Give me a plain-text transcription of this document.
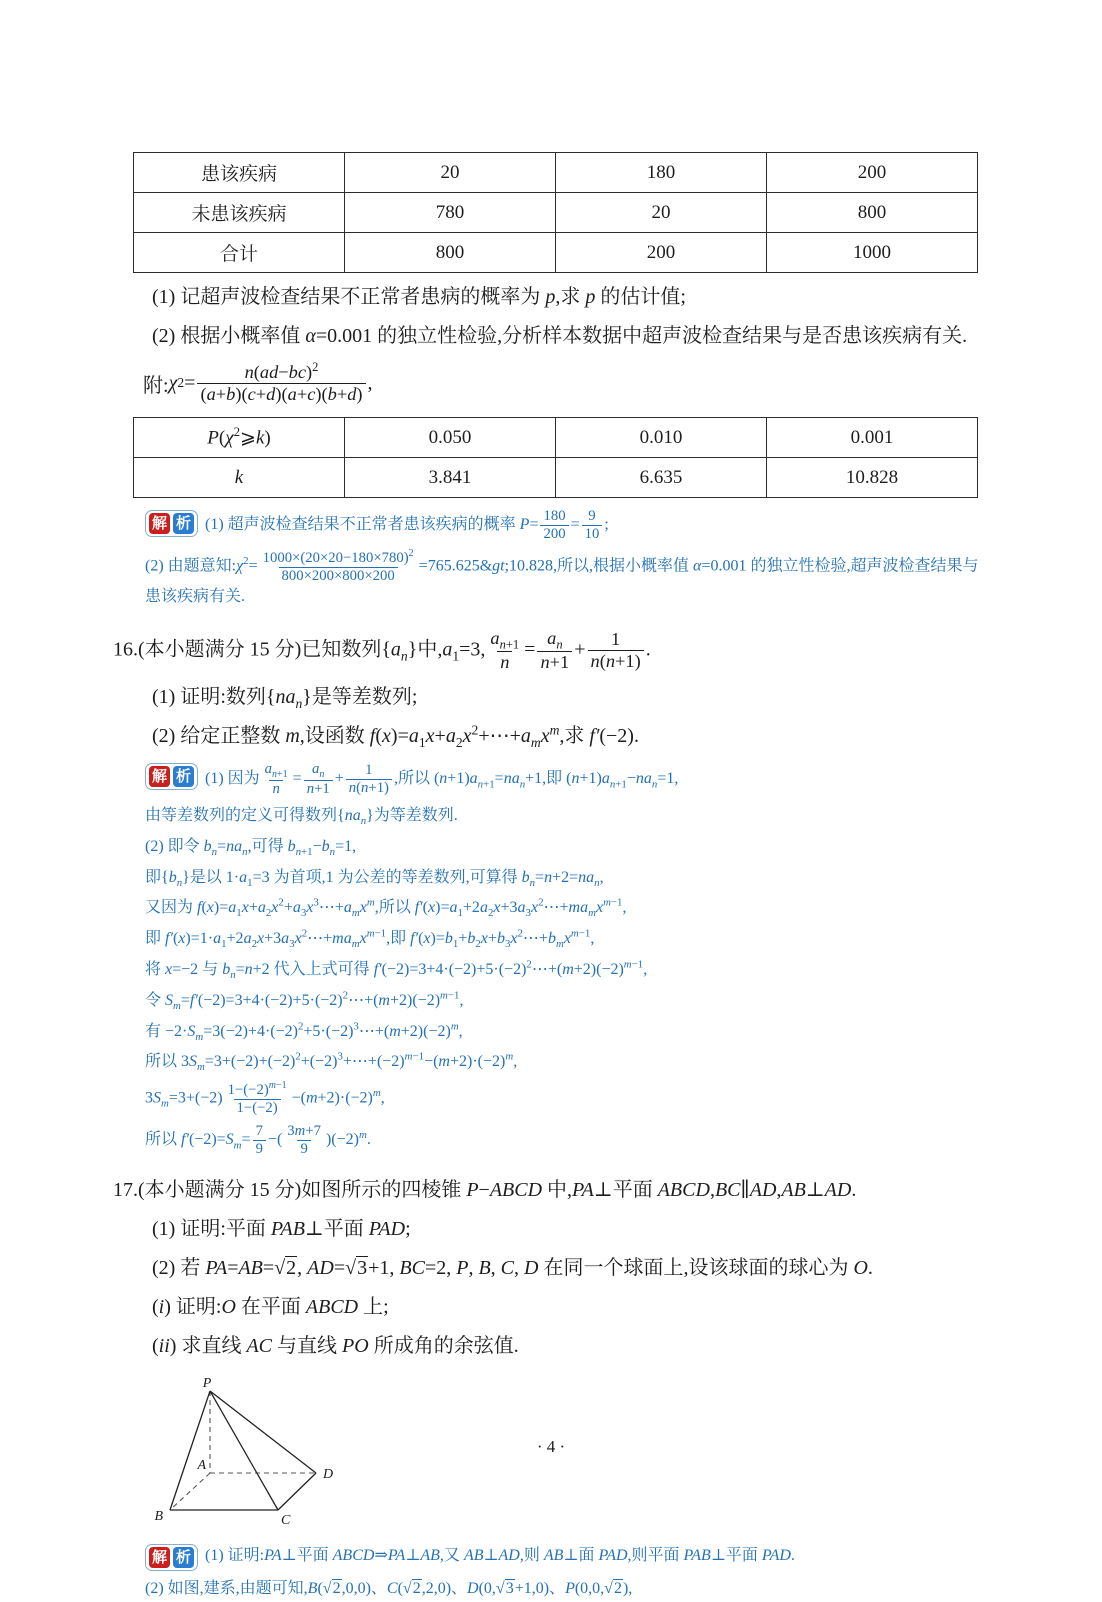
患该疾病	20	180	200
未患该疾病	780	20	800
合计	800	200	1000

(1) 记超声波检查结果不正常者患病的概率为 p,求 p 的估计值;

(2) 根据小概率值 α=0.001 的独立性检验,分析样本数据中超声波检查结果与是否患该疾病有关.

附: χ $2 = \frac{n(ad-bc)^2}{(a+b)(c+d)(a+c)(b+d)}$ ,

$P(\chi^2⩾k)$	0.050	0.010	0.001
k	3.841	6.635	10.828
解 析 (1) 超声波检查结果不正常者患该疾病的概率 $P= \frac{180}{200} = \frac{9}{10}$ ;
(2) 由题意知$:\chi^2= \frac{1000\times(20\times 20-180\times 780)^2}{800\times 200\times 800\times 200}$ =765.625&gt;10.828,所以,根据小概率值 α=0.001 的独立性检验,超声波检查结果与患该疾病有关.

16.(本小题满分 15 分)已知数列$\{a_n\}$中$,a_1=3$, $\frac{a_{n+1}}{n} = \frac{a_n}{n+1} + \frac{1}{n(n+1)}$ .

(1) 证明:数列$\{na_n\}$是等差数列;

(2) 给定正整数 m,设函数 $f(x)=a_1x+a_2x^2+\cdots+a_mx^m$,求 f′(−2).

解 析 (1) 因为 $\frac{a_{n+1}}{n} = \frac{a_n}{n+1} + \frac{1}{n(n+1)}$ ,所以 $(n+1)a_{n+1}=na_n+1$,即 $(n+1)a_{n+1}-na_n=1$,
由等差数列的定义可得数列$\{na_n\}$为等差数列.
(2) 即令 $b_n=na_n$,可得 $b_{n+1}-b_n=1$,
即$\{b_n\}$是以 $1\cdot a_1=3$ 为首项,1 为公差的等差数列,可算得 $b_n=n+2=na_n$,
又因为 $f(x)=a_1x+a_2x^2+a_3x^3\cdots+a_mx^m$,所以 $f'(x)=a_1+2a_2x+3a_3x^2\cdots+ma_mx^{m-1}$,
即 $f'(x)=1\cdot a_1+2a_2x+3a_3x^2\cdots+ma_mx^{m-1}$,即 $f'(x)=b_1+b_2x+b_3x^2\cdots+b_mx^{m-1}$,
将 x=−2 与 $b_n=n+2$ 代入上式可得 $f'(-2)=3+4\cdot(-2)+5\cdot(-2)^2\cdots+(m+2)(-2)^{m-1}$,
令 $S_m=f'(-2)=3+4\cdot(-2)+5\cdot(-2)^2\cdots+(m+2)(-2)^{m-1}$,
有 $-2\cdot S_m=3(-2)+4\cdot(-2)^2+5\cdot(-2)^3\cdots+(m+2)(-2)^m$,
所以 $3S_m=3+(-2)+(-2)^2+(-2)^3+\cdots+(-2)^{m-1}-(m+2)\cdot(-2)^m$,
$3S_m=3+(-2) \frac{1-(-2)^{m-1}}{1-(-2)} -(m+2)\cdot(-2)^m$,
所以 $f'(-2)=S_m= \frac{7}{9}$ −( $\frac{3m+7}{9} )(-2)^m$.

17.(本小题满分 15 分)如图所示的四棱锥 P−ABCD 中,PA⊥平面 ABCD,BC∥AD,AB⊥AD.

(1) 证明:平面 PAB⊥平面 PAD;

(2) 若 PA=AB=√2, AD=√3+1, BC=2, P, B, C, D 在同一个球面上,设该球面的球心为 O.

(i) 证明:O 在平面 ABCD 上;

(ii) 求直线 AC 与直线 PO 所成角的余弦值.

P
A
B	C
D
解 析 (1) 证明:PA⊥平面 ABCD⇒PA⊥AB,又 AB⊥AD,则 AB⊥面 PAD,则平面 PAB⊥平面 PAD.
(2) 如图,建系,由题可知,B(√2,0,0)、C(√2,2,0)、D(0,√3+1,0)、P(0,0,√2),
· 4 ·
